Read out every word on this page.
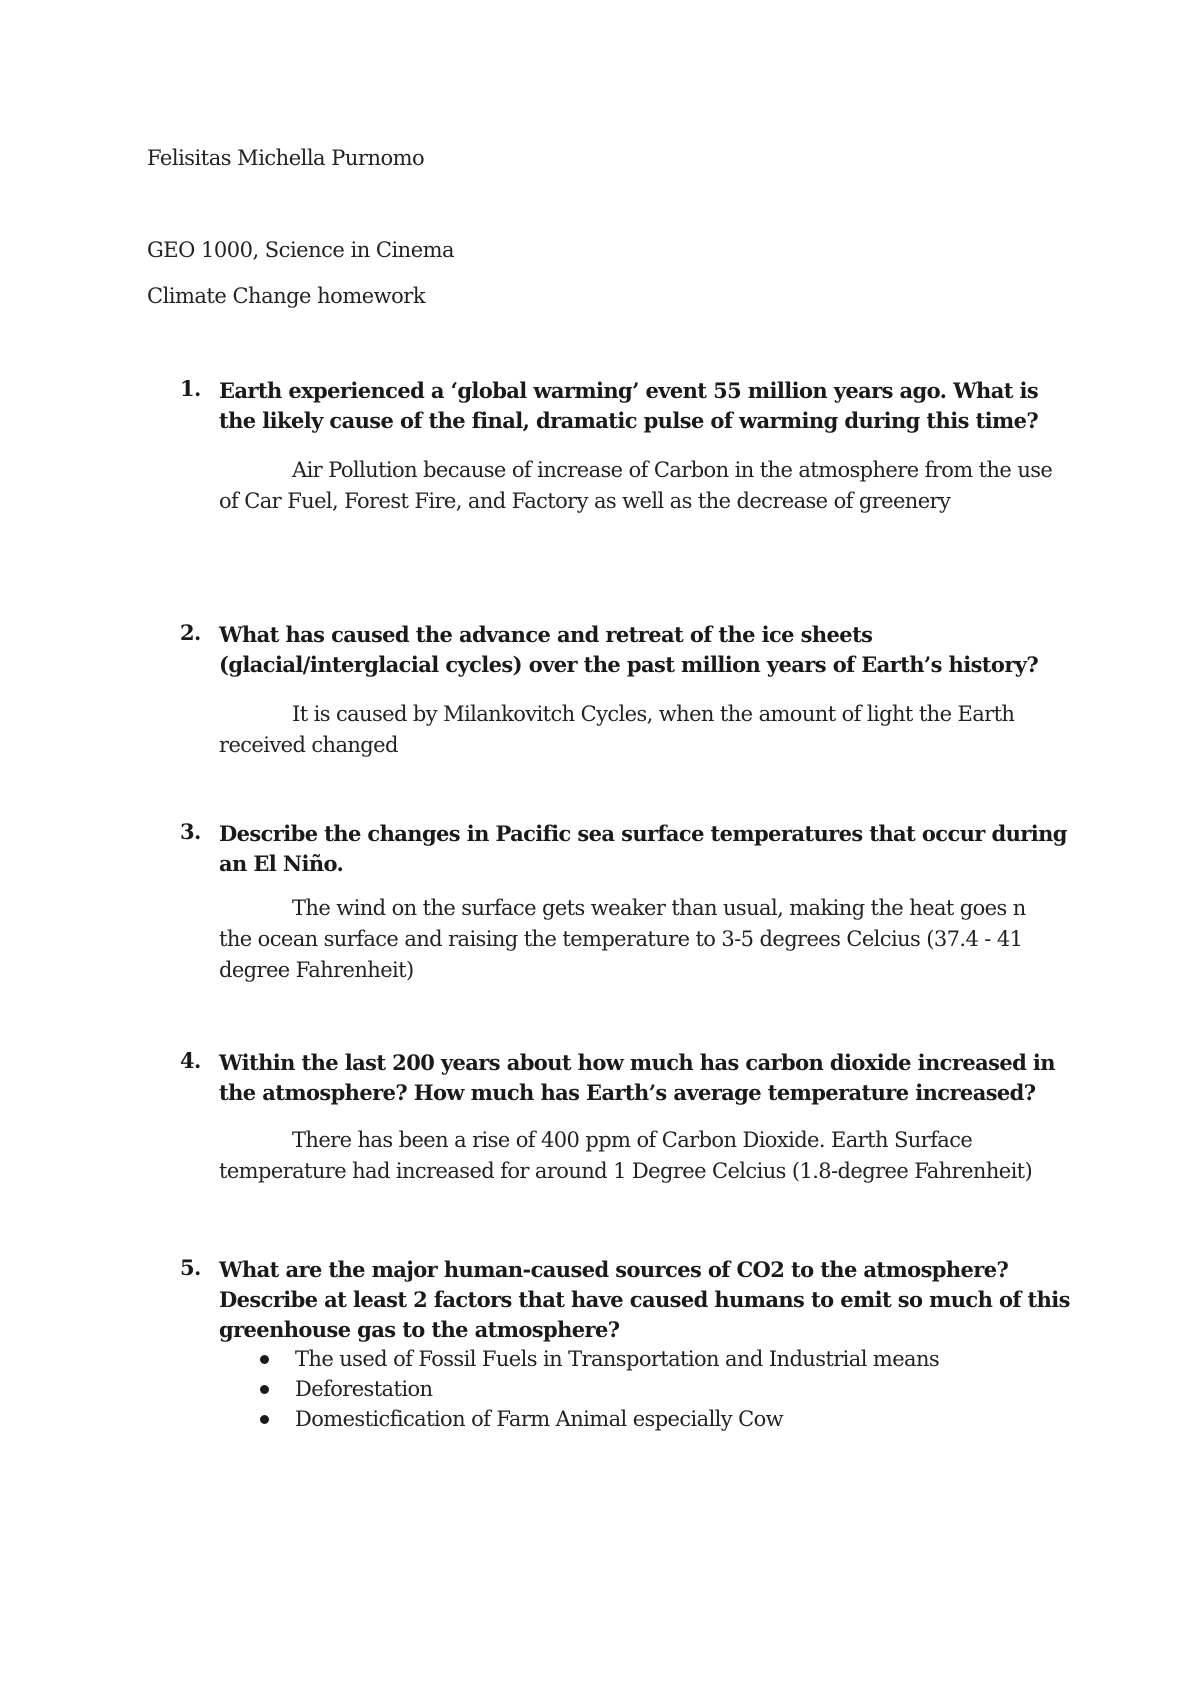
Felisitas Michella Purnomo
GEO 1000, Science in Cinema
Climate Change homework
1. Earth experienced a ‘global warming’ event 55 million years ago. What is the likely cause of the final, dramatic pulse of warming during this time?
Air Pollution because of increase of Carbon in the atmosphere from the use of Car Fuel, Forest Fire, and Factory as well as the decrease of greenery
2. What has caused the advance and retreat of the ice sheets (glacial/interglacial cycles) over the past million years of Earth’s history?
It is caused by Milankovitch Cycles, when the amount of light the Earth received changed
3. Describe the changes in Pacific sea surface temperatures that occur during an El Niño.
The wind on the surface gets weaker than usual, making the heat goes n the ocean surface and raising the temperature to 3-5 degrees Celcius (37.4 - 41 degree Fahrenheit)
4. Within the last 200 years about how much has carbon dioxide increased in the atmosphere? How much has Earth’s average temperature increased?
There has been a rise of 400 ppm of Carbon Dioxide. Earth Surface temperature had increased for around 1 Degree Celcius (1.8-degree Fahrenheit)
5. What are the major human-caused sources of CO2 to the atmosphere? Describe at least 2 factors that have caused humans to emit so much of this greenhouse gas to the atmosphere?
The used of Fossil Fuels in Transportation and Industrial means
Deforestation
Domesticfication of Farm Animal especially Cow
